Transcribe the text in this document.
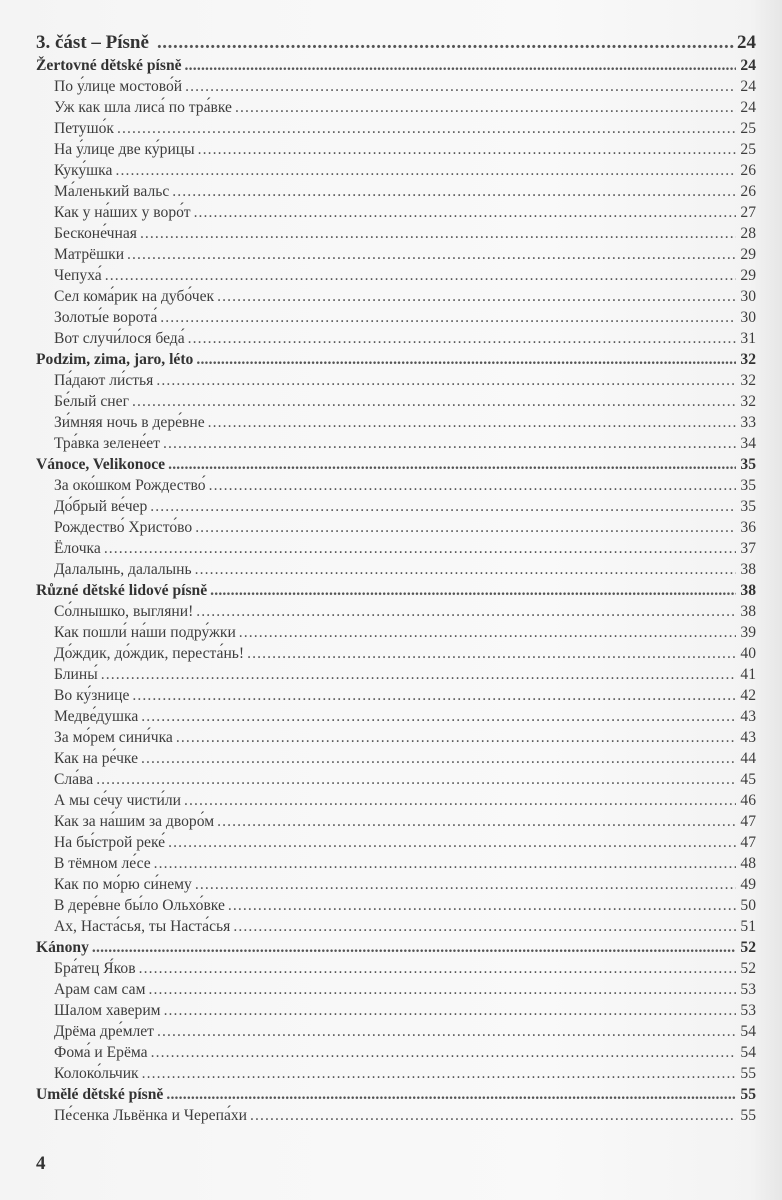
3. část – Písně .....	24
Žertovné dětské písně .....	24
По у́лице мостово́й .....	24
Уж как шла лиса́ по тра́вке .....	24
Петушо́к .....	25
На у́лице две ку́рицы .....	25
Куку́шка .....	26
Ма́ленький вальс .....	26
Как у на́ших у воро́т .....	27
Бесконе́чная .....	28
Матрёшки .....	29
Чепуха́ .....	29
Сел кома́рик на дубо́чек .....	30
Золоты́е ворота́ .....	30
Вот случи́лося беда́ .....	31
Podzim, zima, jaro, léto .....	32
Па́дают ли́стья .....	32
Бе́лый снег .....	32
Зи́мняя ночь в дере́вне .....	33
Тра́вка зелене́ет .....	34
Vánoce, Velikonoce .....	35
За око́шком Рождество́ .....	35
До́брый ве́чер .....	35
Рождество́ Христо́во .....	36
Ёлочка .....	37
Далалынь, далалынь .....	38
Různé dětské lidové písně .....	38
Со́лнышко, выгляни! .....	38
Как пошли́ на́ши подру́жки .....	39
До́ждик, до́ждик, переста́нь! .....	40
Блины́ .....	41
Во ку́знице .....	42
Медве́душка .....	43
За мо́рем сини́чка .....	43
Как на ре́чке .....	44
Сла́ва .....	45
А мы се́чу чисти́ли .....	46
Как за на́шим за дворо́м .....	47
На бы́строй реке́ .....	47
В тёмном ле́се .....	48
Как по мо́рю си́нему .....	49
В дере́вне бы́ло Ольхо́вке .....	50
Ах, Наста́сья, ты Наста́сья .....	51
Kánony .....	52
Бра́тец Я́ков .....	52
Арам сам сам .....	53
Шалом хаверим .....	53
Дрёма дре́млет .....	54
Фома́ и Ерёма .....	54
Колоко́льчик .....	55
Umělé dětské písně .....	55
Пе́сенка Львёнка и Черепа́хи .....	55
4
